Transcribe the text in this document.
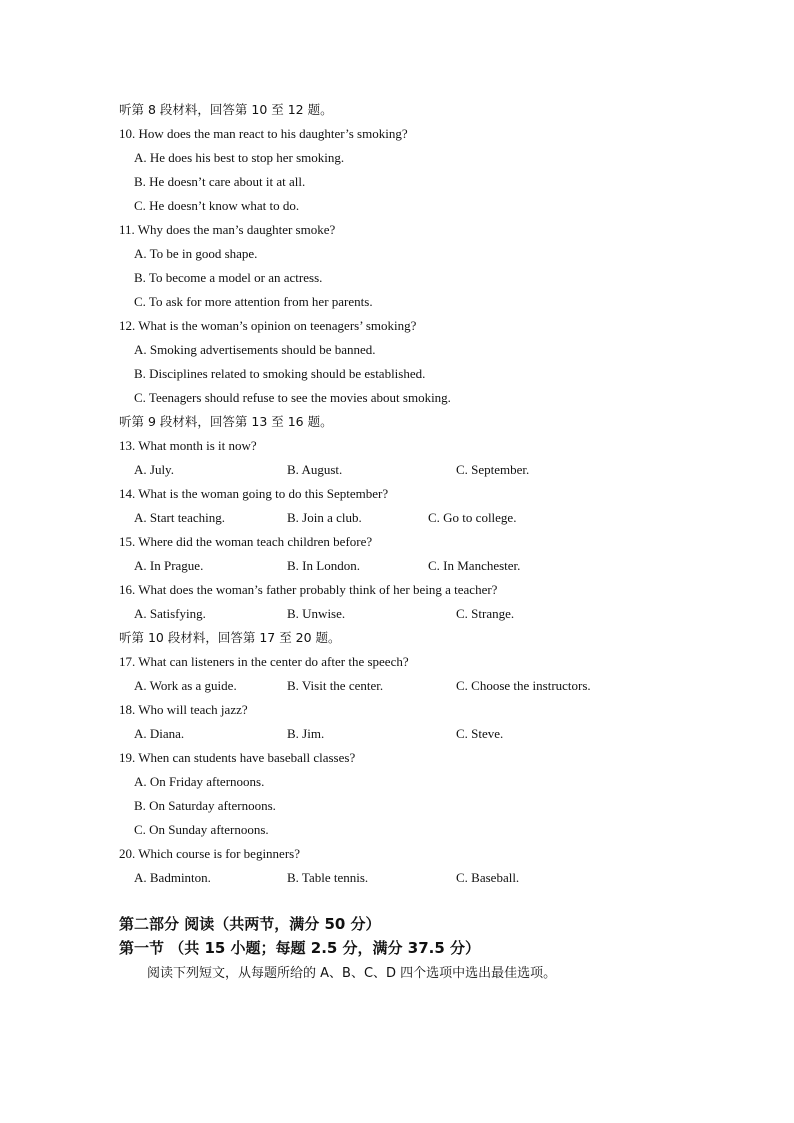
听第 8 段材料，回答第 10 至 12 题。
10. How does the man react to his daughter’s smoking?
A. He does his best to stop her smoking.
B. He doesn’t care about it at all.
C. He doesn’t know what to do.
11. Why does the man’s daughter smoke?
A. To be in good shape.
B. To become a model or an actress.
C. To ask for more attention from her parents.
12. What is the woman’s opinion on teenagers’ smoking?
A. Smoking advertisements should be banned.
B. Disciplines related to smoking should be established.
C. Teenagers should refuse to see the movies about smoking.
听第 9 段材料，回答第 13 至 16 题。
13. What month is it now?
A. July.	B. August.	C. September.
14. What is the woman going to do this September?
A. Start teaching.	B. Join a club.	C. Go to college.
15. Where did the woman teach children before?
A. In Prague.	B. In London.	C. In Manchester.
16. What does the woman’s father probably think of her being a teacher?
A. Satisfying.	B. Unwise.	C. Strange.
听第 10 段材料，回答第 17 至 20 题。
17. What can listeners in the center do after the speech?
A. Work as a guide.	B. Visit the center.	C. Choose the instructors.
18. Who will teach jazz?
A. Diana.	B. Jim.	C. Steve.
19. When can students have baseball classes?
A. On Friday afternoons.
B. On Saturday afternoons.
C. On Sunday afternoons.
20. Which course is for beginners?
A. Badminton.	B. Table tennis.	C. Baseball.
第二部分 阅读（共两节，满分 50 分）
第一节 （共 15 小题；每题 2.5 分，满分 37.5 分）
阅读下列短文，从每题所给的 A、B、C、D 四个选项中选出最佳选项。
